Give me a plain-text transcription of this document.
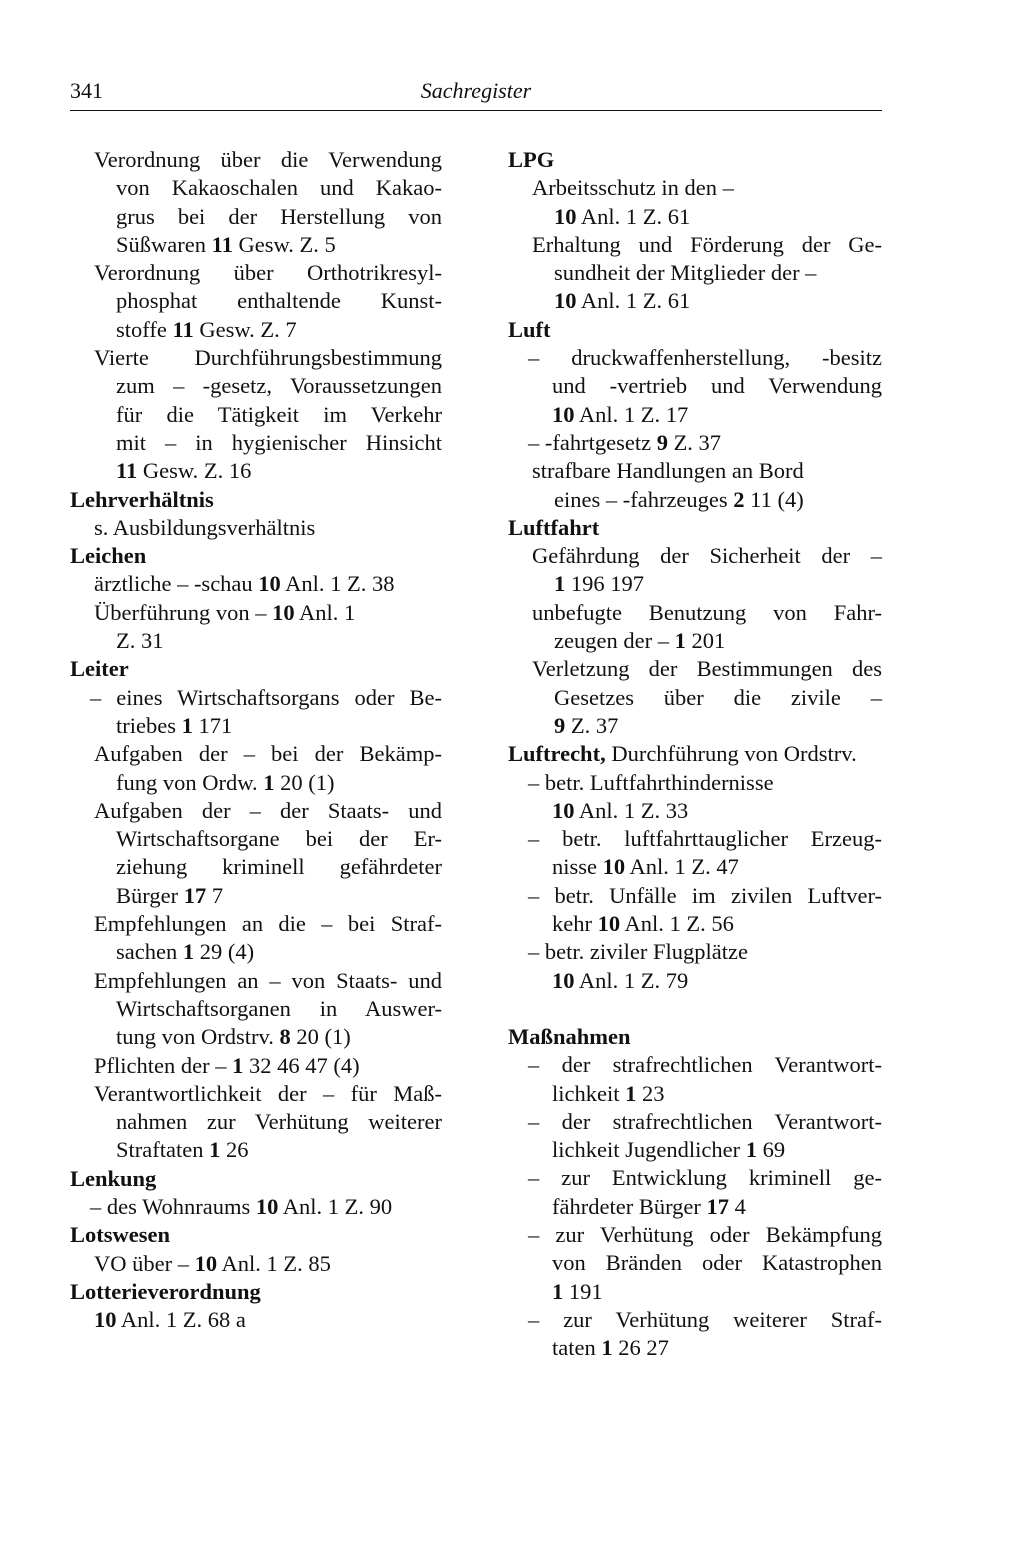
341	Sachregister
Verordnung über die Verwendung
von Kakaoschalen und Kakao-
grus bei der Herstellung von
Süßwaren 11 Gesw. Z. 5
Verordnung über Orthotrikresyl-
phosphat enthaltende Kunst-
stoffe 11 Gesw. Z. 7
Vierte Durchführungsbestimmung
zum – -gesetz, Voraussetzungen
für die Tätigkeit im Verkehr
mit – in hygienischer Hinsicht
11 Gesw. Z. 16
Lehrverhältnis
s. Ausbildungsverhältnis
Leichen
ärztliche – -schau 10 Anl. 1 Z. 38
Überführung von – 10 Anl. 1
Z. 31
Leiter
– eines Wirtschaftsorgans oder Be-
triebes 1 171
Aufgaben der – bei der Bekämp-
fung von Ordw. 1 20 (1)
Aufgaben der – der Staats- und
Wirtschaftsorgane bei der Er-
ziehung kriminell gefährdeter
Bürger 17 7
Empfehlungen an die – bei Straf-
sachen 1 29 (4)
Empfehlungen an – von Staats- und
Wirtschaftsorganen in Auswer-
tung von Ordstrv. 8 20 (1)
Pflichten der – 1 32 46 47 (4)
Verantwortlichkeit der – für Maß-
nahmen zur Verhütung weiterer
Straftaten 1 26
Lenkung
– des Wohnraums 10 Anl. 1 Z. 90
Lotswesen
VO über – 10 Anl. 1 Z. 85
Lotterieverordnung
10 Anl. 1 Z. 68 a
LPG
Arbeitsschutz in den –
10 Anl. 1 Z. 61
Erhaltung und Förderung der Ge-
sundheit der Mitglieder der –
10 Anl. 1 Z. 61
Luft
– druckwaffenherstellung, -besitz
und -vertrieb und Verwendung
10 Anl. 1 Z. 17
– -fahrtgesetz 9 Z. 37
strafbare Handlungen an Bord
eines – -fahrzeuges 2 11 (4)
Luftfahrt
Gefährdung der Sicherheit der –
1 196 197
unbefugte Benutzung von Fahr-
zeugen der – 1 201
Verletzung der Bestimmungen des
Gesetzes über die zivile –
9 Z. 37
Luftrecht, Durchführung von Ordstrv.
– betr. Luftfahrthindernisse
10 Anl. 1 Z. 33
– betr. luftfahrttauglicher Erzeug-
nisse 10 Anl. 1 Z. 47
– betr. Unfälle im zivilen Luftver-
kehr 10 Anl. 1 Z. 56
– betr. ziviler Flugplätze
10 Anl. 1 Z. 79
Maßnahmen
– der strafrechtlichen Verantwort-
lichkeit 1 23
– der strafrechtlichen Verantwort-
lichkeit Jugendlicher 1 69
– zur Entwicklung kriminell ge-
fährdeter Bürger 17 4
– zur Verhütung oder Bekämpfung
von Bränden oder Katastrophen
1 191
– zur Verhütung weiterer Straf-
taten 1 26 27
